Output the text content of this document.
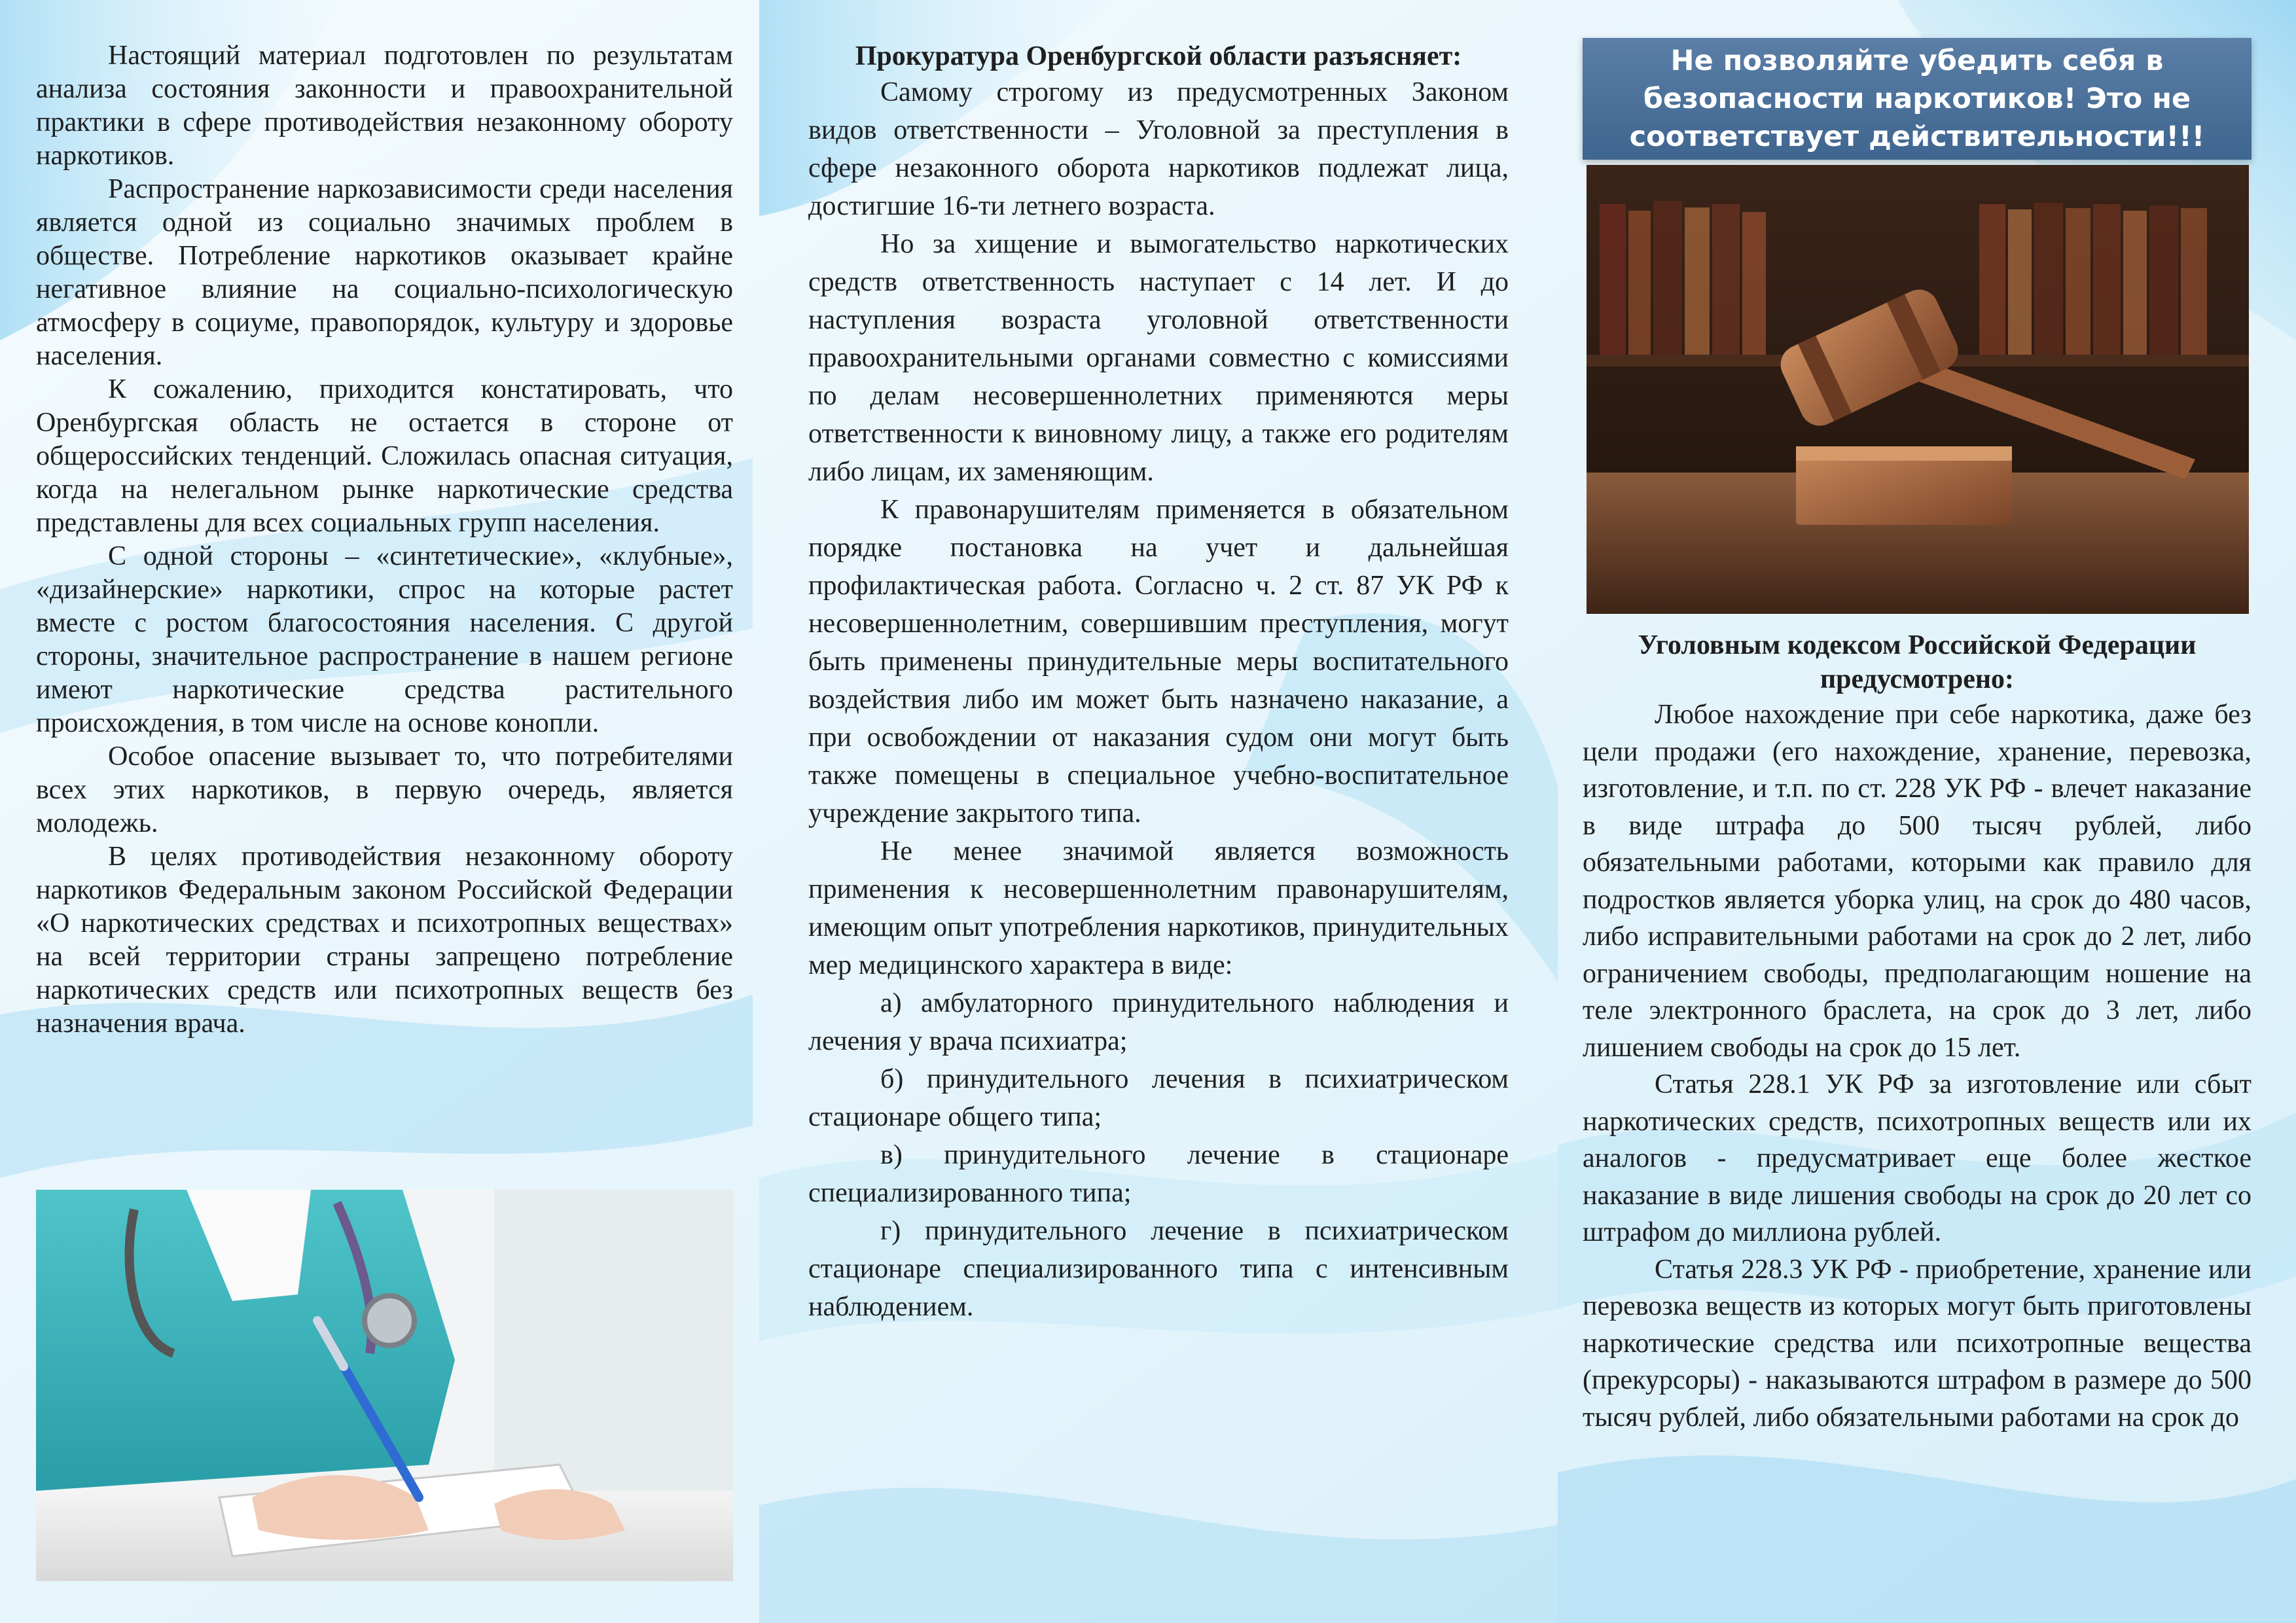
Настоящий материал подготовлен по результатам анализа состояния законности и правоохранительной практики в сфере противодействия незаконному обороту наркотиков.

Распространение наркозависимости среди населения является одной из социально значимых проблем в обществе. Потребление наркотиков оказывает крайне негативное влияние на социально-психологическую атмосферу в социуме, правопорядок, культуру и здоровье населения.

К сожалению, приходится констатировать, что Оренбургская область не остается в стороне от общероссийских тенденций. Сложилась опасная ситуация, когда на нелегальном рынке наркотические средства представлены для всех социальных групп населения.

С одной стороны – «синтетические», «клубные», «дизайнерские» наркотики, спрос на которые растет вместе с ростом благосостояния населения. С другой стороны, значительное распространение в нашем регионе имеют наркотические средства растительного происхождения, в том числе на основе конопли.

Особое опасение вызывает то, что потребителями всех этих наркотиков, в первую очередь, является молодежь.

В целях противодействия незаконному обороту наркотиков Федеральным законом Российской Федерации «О наркотических средствах и психотропных веществах» на всей территории страны запрещено потребление наркотических средств или психотропных веществ без назначения врача.

Прокуратура Оренбургской области разъясняет:

Самому строгому из предусмотренных Законом видов ответственности – Уголовной за преступления в сфере незаконного оборота наркотиков подлежат лица, достигшие 16-ти летнего возраста.

Но за хищение и вымогательство наркотических средств ответственность наступает с 14 лет. И до наступления возраста уголовной ответственности правоохранительными органами совместно с комиссиями по делам несовершеннолетних применяются меры ответственности к виновному лицу, а также его родителям либо лицам, их заменяющим.

К правонарушителям применяется в обязательном порядке постановка на учет и дальнейшая профилактическая работа. Согласно ч. 2 ст. 87 УК РФ к несовершеннолетним, совершившим преступления, могут быть применены принудительные меры воспитательного воздействия либо им может быть назначено наказание, а при освобождении от наказания судом они могут быть также помещены в специальное учебно-воспитательное учреждение закрытого типа.

Не менее значимой является возможность применения к несовершеннолетним правонарушителям, имеющим опыт употребления наркотиков, принудительных мер медицинского характера в виде:

а) амбулаторного принудительного наблюдения и лечения у врача психиатра;

б) принудительного лечения в психиатрическом стационаре общего типа;

в) принудительного лечение в стационаре специализированного типа;

г) принудительного лечение в психиатрическом стационаре специализированного типа с интенсивным наблюдением.

Не позволяйте убедить себя в безопасности наркотиков! Это не соответствует действительности!!!

Уголовным кодексом Российской Федерации предусмотрено:

Любое нахождение при себе наркотика, даже без цели продажи (его нахождение, хранение, перевозка, изготовление, и т.п. по ст. 228 УК РФ - влечет наказание в виде штрафа до 500 тысяч рублей, либо обязательными работами, которыми как правило для подростков является уборка улиц, на срок до 480 часов, либо исправительными работами на срок до 2 лет, либо ограничением свободы, предполагающим ношение на теле электронного браслета, на срок до 3 лет, либо лишением свободы на срок до 15 лет.

Статья 228.1 УК РФ за изготовление или сбыт наркотических средств, психотропных веществ или их аналогов - предусматривает еще более жесткое наказание в виде лишения свободы на срок до 20 лет со штрафом до миллиона рублей.

Статья 228.3 УК РФ - приобретение, хранение или перевозка веществ из которых могут быть приготовлены наркотические средства или психотропные вещества (прекурсоры) - наказываются штрафом в размере до 500 тысяч рублей, либо обязательными работами на срок до
